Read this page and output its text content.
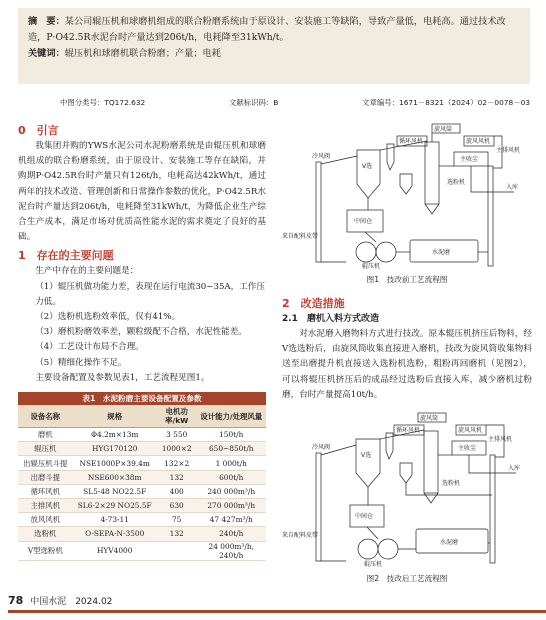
摘　要：某公司辊压机和球磨机组成的联合粉磨系统由于原设计、安装施工等缺陷，导致产量低，电耗高。通过技术改造，P·O42.5R水泥台时产量达到206t/h，电耗降至31kWh/t。
关键词：辊压机和球磨机联合粉磨；产量；电耗
中图分类号：TQ172.632	文献标识码：B	文章编号：1671－8321（2024）02－0078－03
0　引言
我集团并购的YWS水泥公司水泥粉磨系统是由辊压机和球磨机组成的联合粉磨系统，由于原设计、安装施工等存在缺陷，并购期P·O42.5R台时产量只有126t/h，电耗高达42kWh/t，通过两年的技术改造、管理创新和日常操作参数的优化，P·O42.5R水泥台时产量达到206t/h，电耗降至31kWh/t，为降低企业生产综合生产成本，满足市场对优质高性能水泥的需求奠定了良好的基础。
1　存在的主要问题
生产中存在的主要问题是：
（1）辊压机做功能力差，表现在运行电流30~35A，工作压力低。
（2）选粉机选粉效率低，仅有41%。
（3）磨机粉磨效率差，颗粒级配不合格，水泥性能差。
（4）工艺设计布局不合理。
（5）精细化操作不足。
主要设备配置及参数见表1，工艺流程见图1。
表1　水泥粉磨主要设备配置及参数
设备名称	规格	电机功率/kW	设计能力/处理风量
磨机	Φ4.2m×13m	3 550	150t/h
辊压机	HYG170120	1000×2	650~850t/h
出辊压机斗提	NSE1000P×39.4m	132×2	1 000t/h
出磨斗提	NSE600×38m	132	600t/h
循环风机	SL5-48 NO22.5F	400	240 000m³/h
主排风机	SL6-2×29 NO25.5F	630	270 000m³/h
放风风机	4-73-11	75	47 427m³/h
选粉机	O-SEPA-N-3500	132	240t/h
V型选粉机	HYV4000		24 000m³/h, 240t/h
旋风筒
循环风机	旋风风机
主排风机
主收尘
V选
中间仓
选粉机
冷风阀
入库
辊压机
水泥磨
来自配料皮带
图1　技改前工艺流程图
2　改造措施
2.1　磨机入料方式改造
对水泥磨入磨物料方式进行技改。原本辊压机挤压后物料，经V选选粉后，由旋风筒收集直接进入磨机，技改为旋风筒收集物料送至出磨提升机直接送入选粉机选粉，粗粉再回磨机（见图2），可以将辊压机挤压后的成品经过选粉后直接入库，减少磨机过粉磨，台时产量提高10t/h。
旋风筒
循环风机	旋风风机
主排风机
主收尘
V选
中间仓
选粉机
冷风阀
入库
辊压机
水泥磨
来自配料皮带
图2　技改后工艺流程图
78 中国水泥　2024.02
